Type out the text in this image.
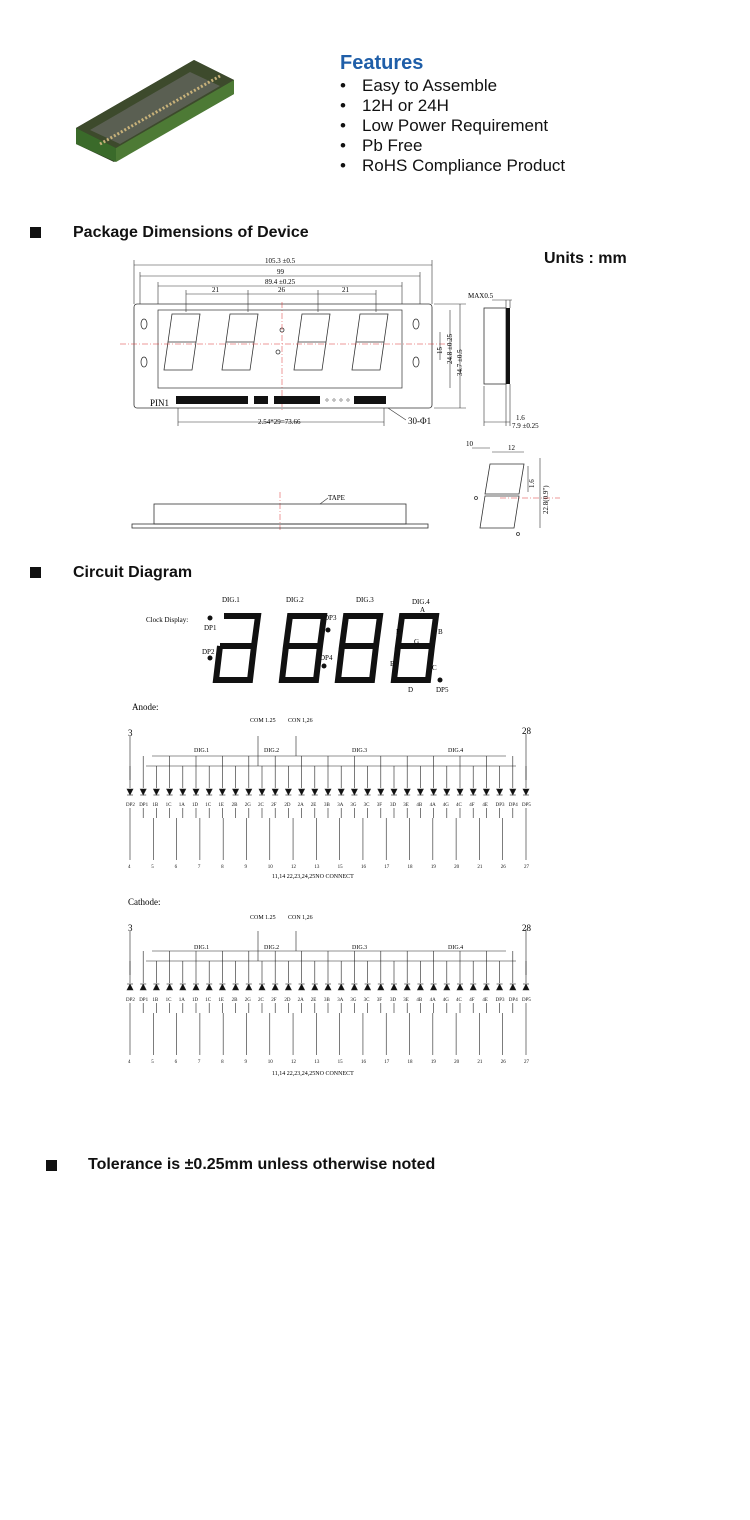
Features
• Easy to Assemble
• 12H or 24H
• Low Power Requirement
• Pb Free
• RoHS Compliance Product
Package Dimensions of Device
Units : mm
105.3 ±0.5
99
89.4 ±0.25
21	26	21
PIN1
2.54*29=73.66	30-Φ1
15 24.8 ±0.25 34.7 ±0.5
MAX0.5
1.6
7.9 ±0.25
TAPE
10	12
1.6
22.8(0.9")
Circuit Diagram
Clock Display:
DIG.1	DIG.2	DIG.3	DIG.4
DP1
DP2
DP3
DP4
DP5
A
B
C
D
E
F
G
Anode:
3	28
COM 1.25 CON 1,26
DIG.1	DIG.2	DIG.3	DIG.4
DP2 DP1 1B 1C 1A 1D 1C 1E 2B 2G 2C 2F 2D 2A 2E 3B 3A 3G 3C 3F 3D 3E 4B 4A 4G 4C 4F 4E DP3 DP4 DP5
4	5	6	7	8	9	10	12	13	15	16	17	18	19	20	21	26	27
11,14 22,23,24,25NO CONNECT
Cathode:
3	28
COM 1.25 CON 1,26
DIG.1	DIG.2	DIG.3	DIG.4
DP2 DP1 1B 1C 1A 1D 1C 1E 2B 2G 2C 2F 2D 2A 2E 3B 3A 3G 3C 3F 3D 3E 4B 4A 4G 4C 4F 4E DP3 DP4 DP5
4	5	6	7	8	9	10	12	13	15	16	17	18	19	20	21	26	27
11,14 22,23,24,25NO CONNECT
Tolerance is ±0.25mm unless otherwise noted
